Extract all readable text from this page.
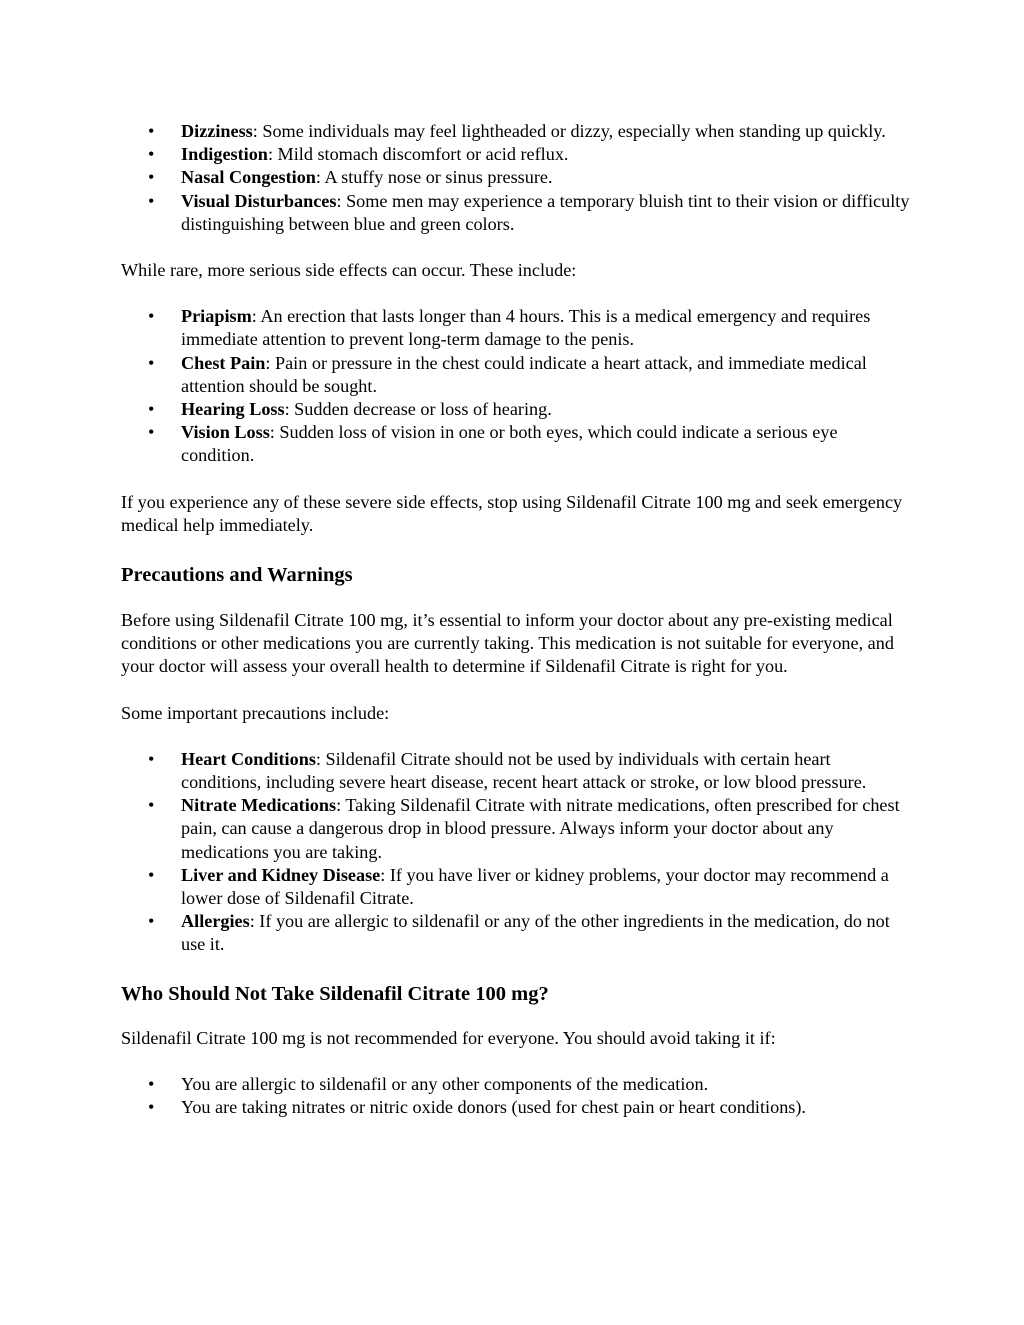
• Dizziness: Some individuals may feel lightheaded or dizzy, especially when standing up quickly.
• Indigestion: Mild stomach discomfort or acid reflux.
• Nasal Congestion: A stuffy nose or sinus pressure.
• Visual Disturbances: Some men may experience a temporary bluish tint to their vision or difficulty distinguishing between blue and green colors.

While rare, more serious side effects can occur. These include:

• Priapism: An erection that lasts longer than 4 hours. This is a medical emergency and requires immediate attention to prevent long-term damage to the penis.
• Chest Pain: Pain or pressure in the chest could indicate a heart attack, and immediate medical attention should be sought.
• Hearing Loss: Sudden decrease or loss of hearing.
• Vision Loss: Sudden loss of vision in one or both eyes, which could indicate a serious eye condition.

If you experience any of these severe side effects, stop using Sildenafil Citrate 100 mg and seek emergency medical help immediately.

Precautions and Warnings

Before using Sildenafil Citrate 100 mg, it’s essential to inform your doctor about any pre-existing medical conditions or other medications you are currently taking. This medication is not suitable for everyone, and your doctor will assess your overall health to determine if Sildenafil Citrate is right for you.

Some important precautions include:

• Heart Conditions: Sildenafil Citrate should not be used by individuals with certain heart conditions, including severe heart disease, recent heart attack or stroke, or low blood pressure.
• Nitrate Medications: Taking Sildenafil Citrate with nitrate medications, often prescribed for chest pain, can cause a dangerous drop in blood pressure. Always inform your doctor about any medications you are taking.
• Liver and Kidney Disease: If you have liver or kidney problems, your doctor may recommend a lower dose of Sildenafil Citrate.
• Allergies: If you are allergic to sildenafil or any of the other ingredients in the medication, do not use it.
Who Should Not Take Sildenafil Citrate 100 mg?

Sildenafil Citrate 100 mg is not recommended for everyone. You should avoid taking it if:

• You are allergic to sildenafil or any other components of the medication.
• You are taking nitrates or nitric oxide donors (used for chest pain or heart conditions).
